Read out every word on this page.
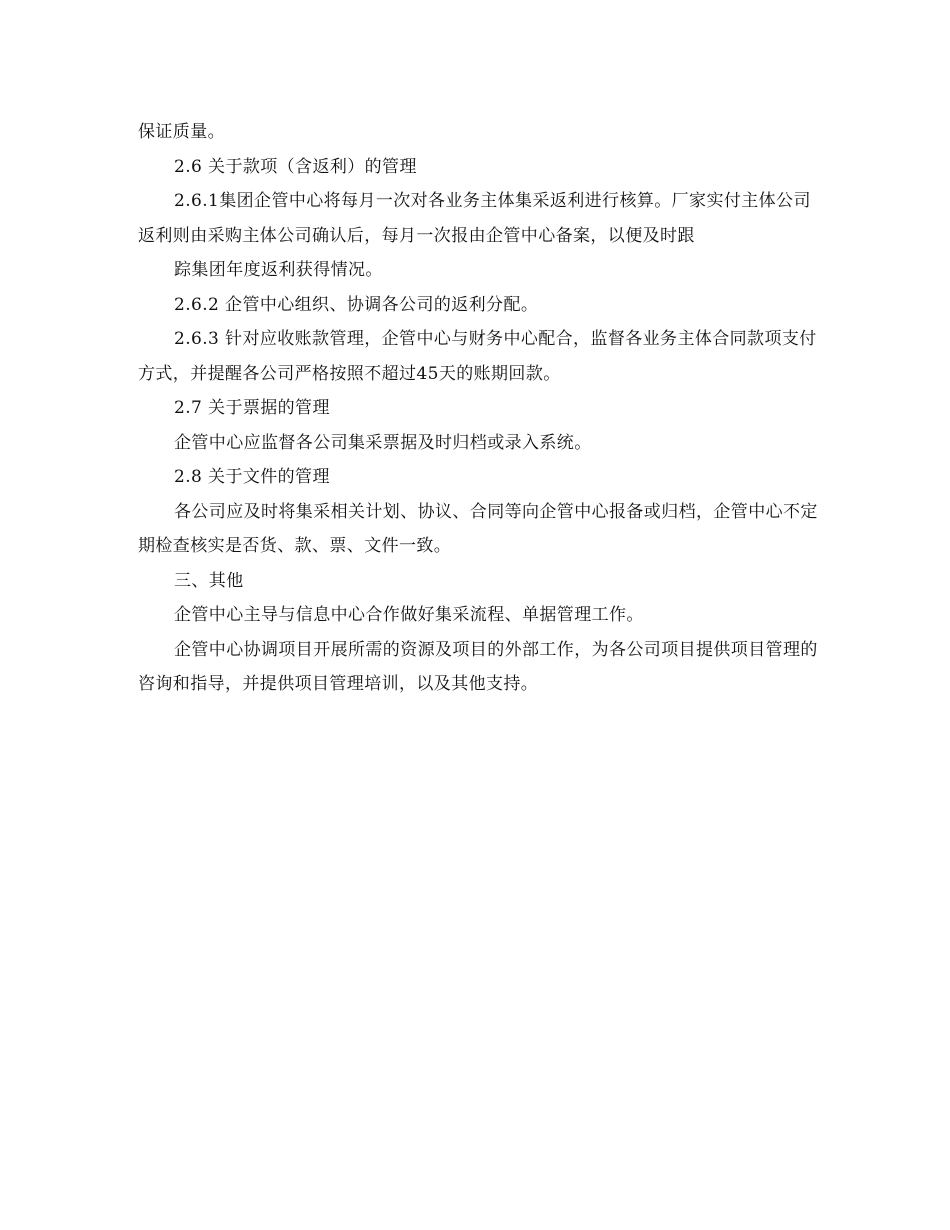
保证质量。

2.6 关于款项（含返利）的管理

2.6.1集团企管中心将每月一次对各业务主体集采返利进行核算。厂家实付主体公司返利则由采购主体公司确认后，每月一次报由企管中心备案，以便及时跟

踪集团年度返利获得情况。

2.6.2 企管中心组织、协调各公司的返利分配。

2.6.3 针对应收账款管理，企管中心与财务中心配合，监督各业务主体合同款项支付方式，并提醒各公司严格按照不超过45天的账期回款。

2.7 关于票据的管理

企管中心应监督各公司集采票据及时归档或录入系统。

2.8 关于文件的管理

各公司应及时将集采相关计划、协议、合同等向企管中心报备或归档，企管中心不定期检查核实是否货、款、票、文件一致。

三、其他

企管中心主导与信息中心合作做好集采流程、单据管理工作。

企管中心协调项目开展所需的资源及项目的外部工作，为各公司项目提供项目管理的咨询和指导，并提供项目管理培训，以及其他支持。
